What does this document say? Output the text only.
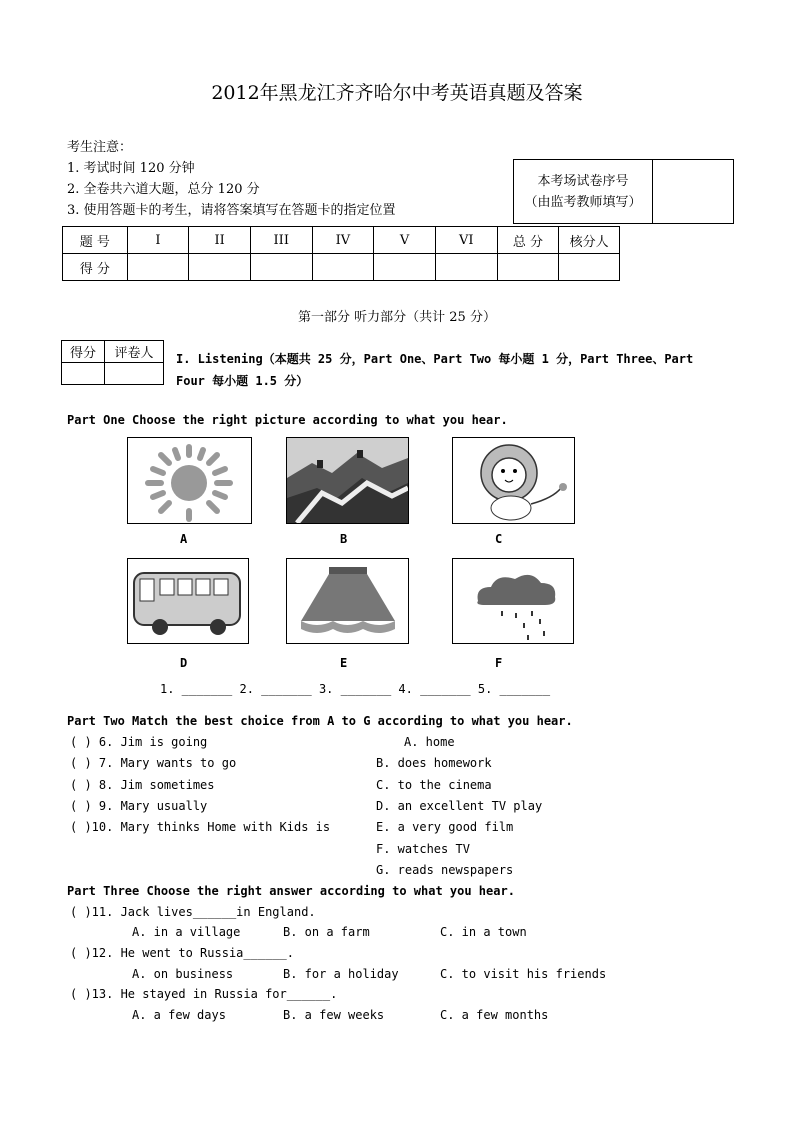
2012年黑龙江齐齐哈尔中考英语真题及答案
考生注意：
1. 考试时间 120 分钟
2. 全卷共六道大题，总分 120 分
3. 使用答题卡的考生，请将答案填写在答题卡的指定位置
本考场试卷序号
（由监考教师填写）

题 号	I	II	III	IV	V	VI	总 分	核分人
得 分								
第一部分 听力部分（共计 25 分）
得分	评卷人
	I. Listening（本题共 25 分，Part One、Part Two 每小题 1 分，Part Three、Part
Four 每小题 1.5 分）
Part One Choose the right picture according to what you hear.
A	B	C
D	E	F
1. _______ 2. _______ 3. _______ 4. _______ 5. _______
Part Two Match the best choice from A to G according to what you hear.
( ) 6. Jim is going
( ) 7. Mary wants to go
( ) 8. Jim sometimes
( ) 9. Mary usually
( )10. Mary thinks Home with Kids is
A. home
B. does homework
C. to the cinema
D. an excellent TV play
E. a very good film
F. watches TV
G. reads newspapers
Part Three Choose the right answer according to what you hear.
( )11. Jack lives______in England.
A. in a village	B. on a farm	C. in a town
( )12. He went to Russia______.
A. on business	B. for a holiday	C. to visit his friends
( )13. He stayed in Russia for______.
A. a few days	B. a few weeks	C. a few months
